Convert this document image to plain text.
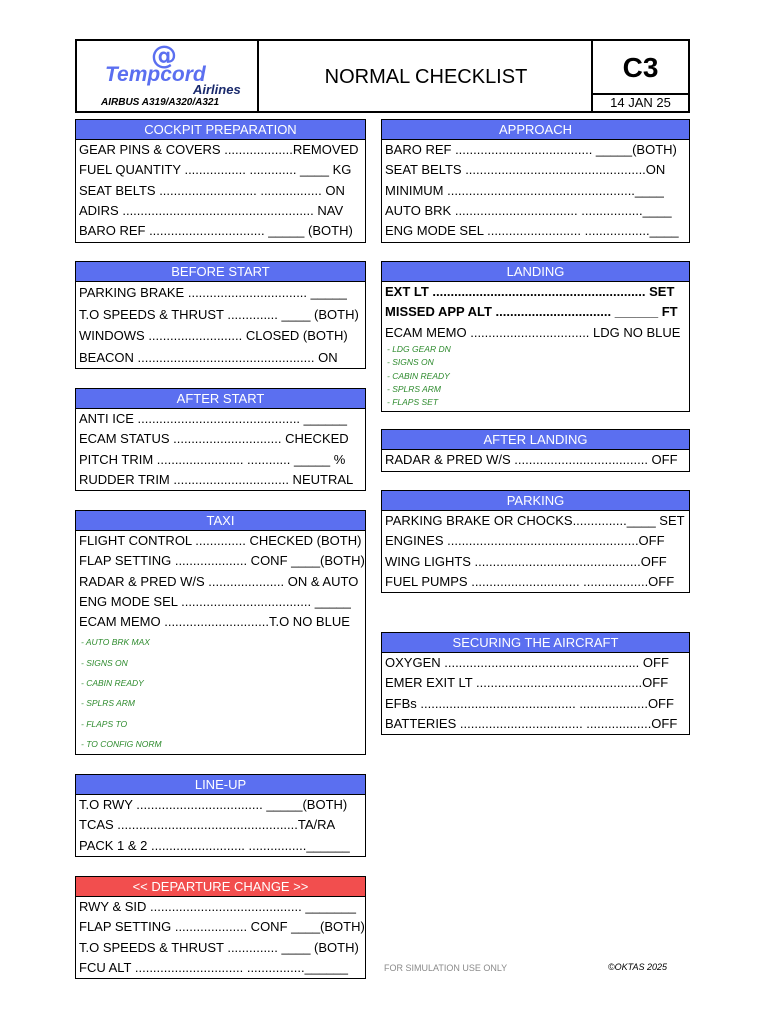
@
Tempcord
Airlines
AIRBUS A319/A320/A321
NORMAL CHECKLIST	C3
14 JAN 25
COCKPIT PREPARATION
GEAR PINS & COVERS ...................REMOVED
FUEL QUANTITY ................. ............. ____ KG
SEAT BELTS ........................... ................. ON
ADIRS ..................................................... NAV
BARO REF ................................ _____ (BOTH)
BEFORE START
PARKING BRAKE ................................. _____
T.O SPEEDS & THRUST .............. ____ (BOTH)
WINDOWS .......................... CLOSED (BOTH)
BEACON ................................................. ON
AFTER START
ANTI ICE ............................................. ______
ECAM STATUS .............................. CHECKED
PITCH TRIM ........................ ............ _____ %
RUDDER TRIM ................................ NEUTRAL
TAXI
FLIGHT CONTROL .............. CHECKED (BOTH)
FLAP SETTING .................... CONF ____(BOTH)
RADAR & PRED W/S ..................... ON & AUTO
ENG MODE SEL .................................... _____
ECAM MEMO .............................T.O NO BLUE
- AUTO BRK MAX
- SIGNS ON
- CABIN READY
- SPLRS ARM
- FLAPS TO
- TO CONFIG NORM
LINE-UP
T.O RWY ................................... _____(BOTH)
TCAS ..................................................TA/RA
PACK 1 & 2 .......................... ................______
<< DEPARTURE CHANGE >>
RWY & SID .......................................... _______
FLAP SETTING .................... CONF ____(BOTH)
T.O SPEEDS & THRUST .............. ____ (BOTH)
FCU ALT .............................. ................______
APPROACH
BARO REF ...................................... _____(BOTH)
SEAT BELTS ..................................................ON
MINIMUM ....................................................____
AUTO BRK .................................. .................____
ENG MODE SEL .......................... ..................____
LANDING
EXT LT ........................................................... SET
MISSED APP ALT ................................ ______ FT
ECAM MEMO ................................. LDG NO BLUE
- LDG GEAR DN
- SIGNS ON
- CABIN READY
- SPLRS ARM
- FLAPS SET
AFTER LANDING
RADAR & PRED W/S ..................................... OFF
PARKING
PARKING BRAKE OR CHOCKS...............____ SET
ENGINES .....................................................OFF
WING LIGHTS ..............................................OFF
FUEL PUMPS .............................. ..................OFF
SECURING THE AIRCRAFT
OXYGEN ...................................................... OFF
EMER EXIT LT ..............................................OFF
EFBs ........................................... ...................OFF
BATTERIES .................................. ..................OFF
FOR SIMULATION USE ONLY	©OKTAS 2025
